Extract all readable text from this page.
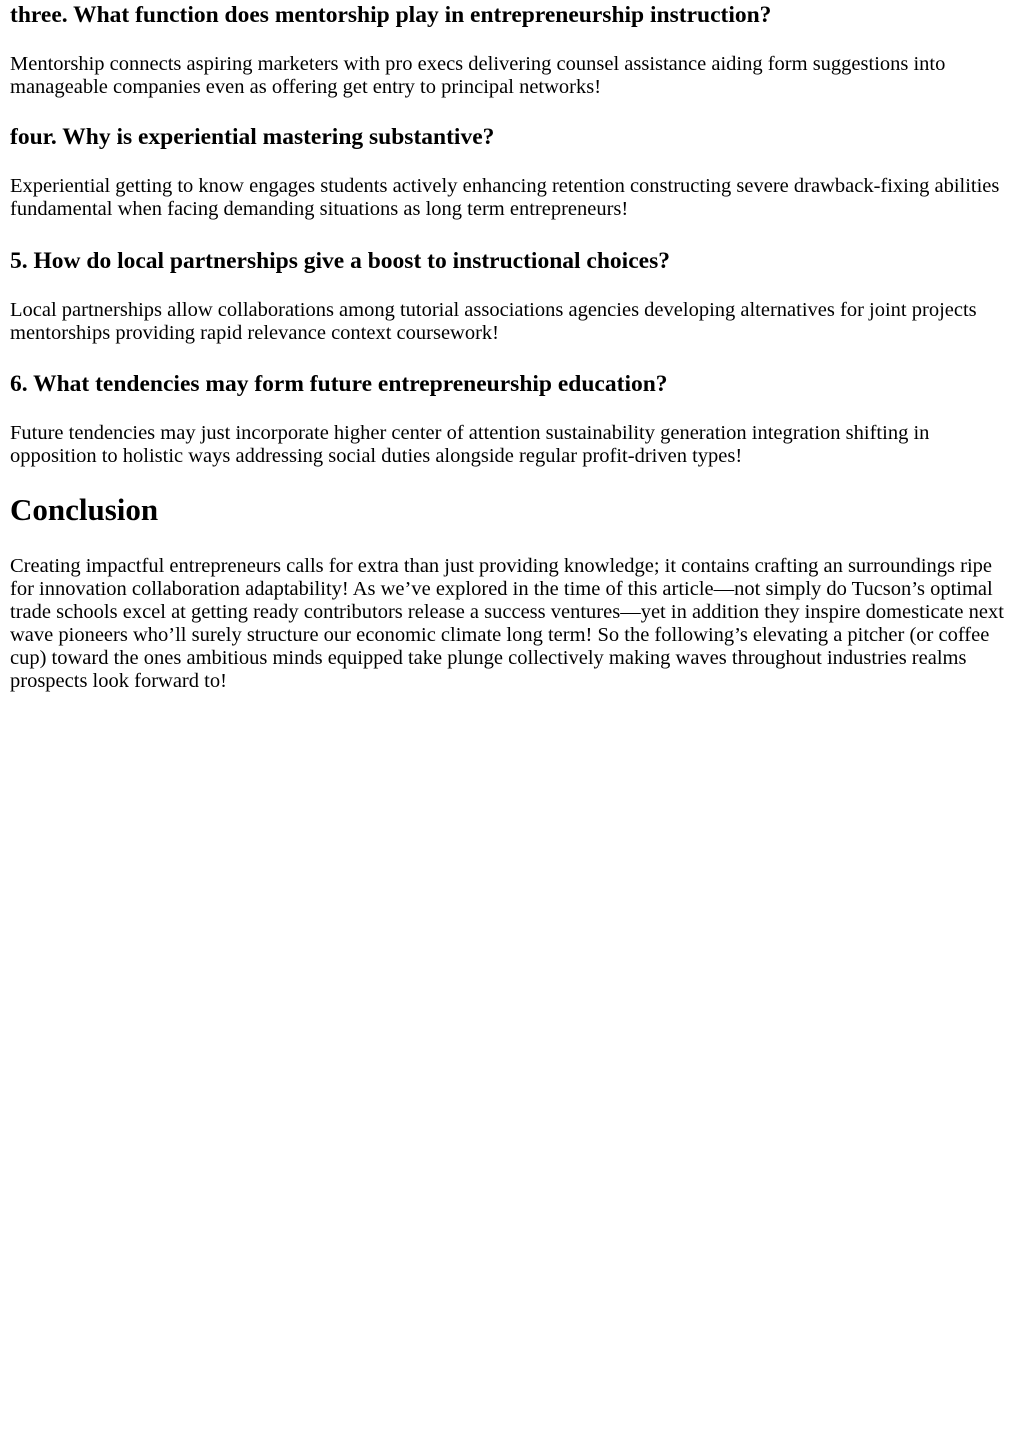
three. What function does mentorship play in entrepreneurship instruction?

Mentorship connects aspiring marketers with pro execs delivering counsel assistance aiding form suggestions into manageable companies even as offering get entry to principal networks!

four. Why is experiential mastering substantive?

Experiential getting to know engages students actively enhancing retention constructing severe drawback-fixing abilities fundamental when facing demanding situations as long term entrepreneurs!

5. How do local partnerships give a boost to instructional choices?

Local partnerships allow collaborations among tutorial associations agencies developing alternatives for joint projects mentorships providing rapid relevance context coursework!

6. What tendencies may form future entrepreneurship education?

Future tendencies may just incorporate higher center of attention sustainability generation integration shifting in opposition to holistic ways addressing social duties alongside regular profit-driven types!

Conclusion

Creating impactful entrepreneurs calls for extra than just providing knowledge; it contains crafting an surroundings ripe for innovation collaboration adaptability! As we’ve explored in the time of this article—not simply do Tucson’s optimal trade schools excel at getting ready contributors release a success ventures—yet in addition they inspire domesticate next wave pioneers who’ll surely structure our economic climate long term! So the following’s elevating a pitcher (or coffee cup) toward the ones ambitious minds equipped take plunge collectively making waves throughout industries realms prospects look forward to!
